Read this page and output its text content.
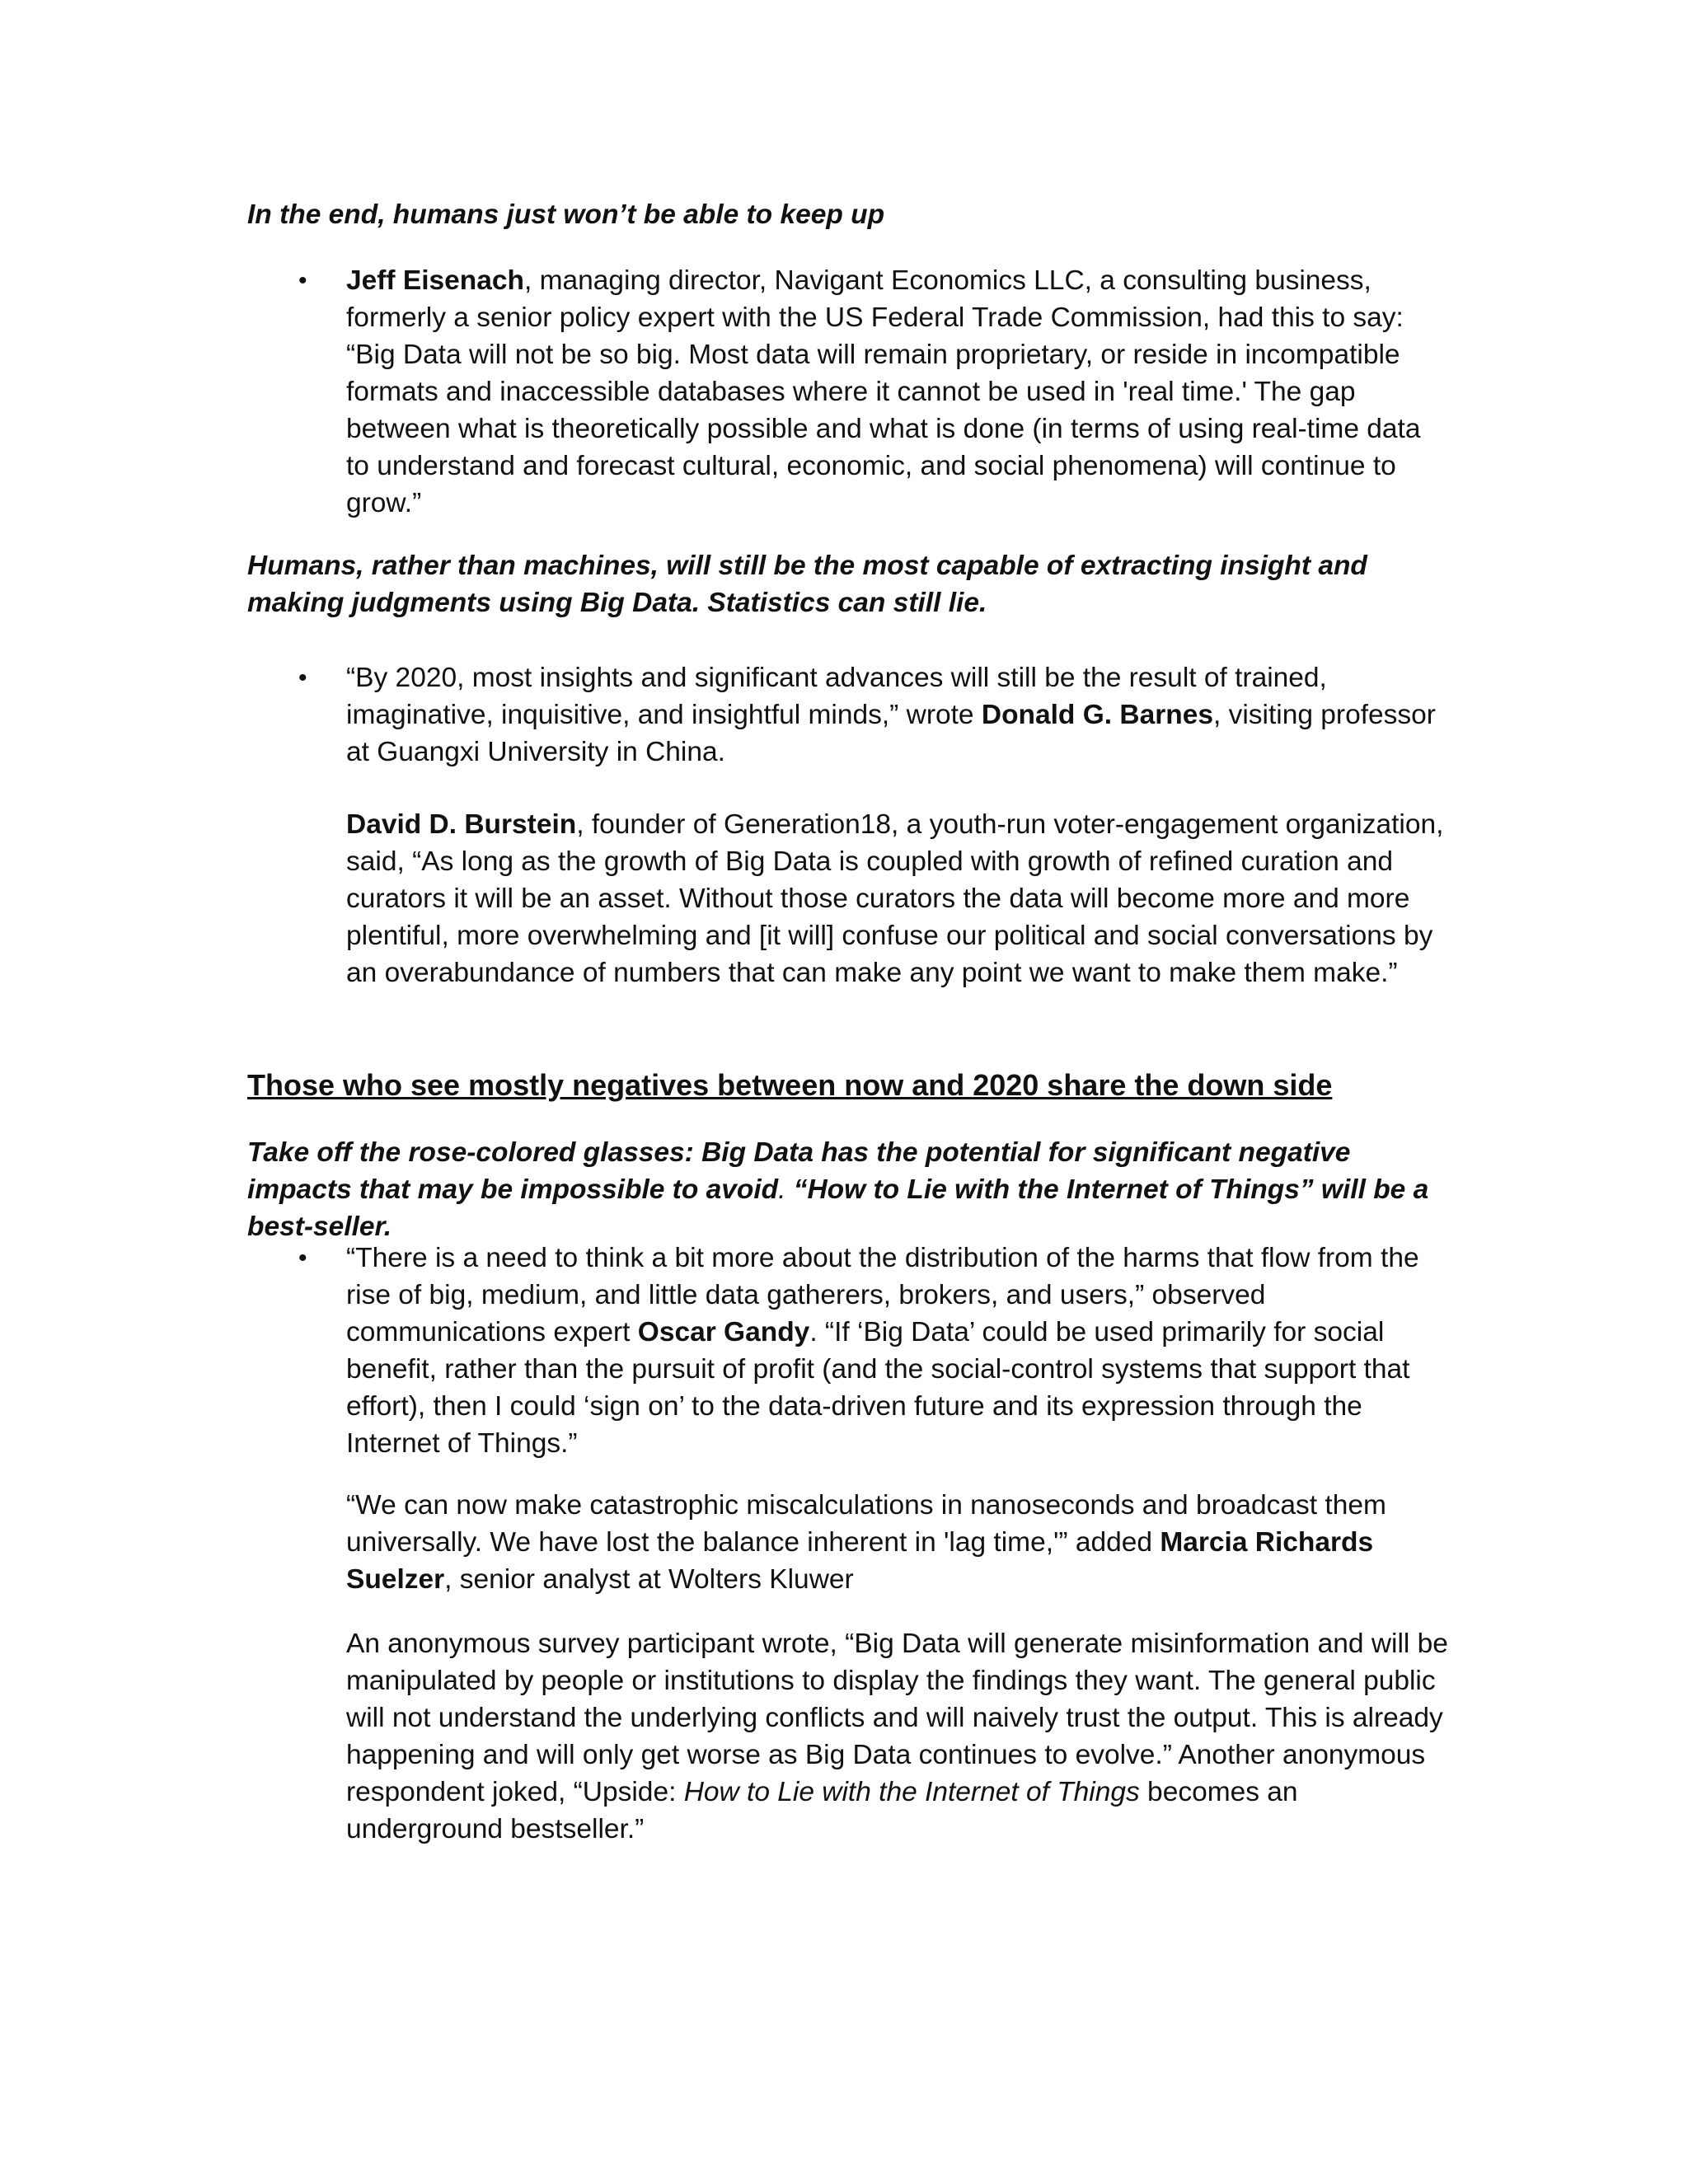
In the end, humans just won’t be able to keep up

• Jeff Eisenach, managing director, Navigant Economics LLC, a consulting business, formerly a senior policy expert with the US Federal Trade Commission, had this to say: “Big Data will not be so big. Most data will remain proprietary, or reside in incompatible formats and inaccessible databases where it cannot be used in 'real time.' The gap between what is theoretically possible and what is done (in terms of using real-time data to understand and forecast cultural, economic, and social phenomena) will continue to grow.”

Humans, rather than machines, will still be the most capable of extracting insight and making judgments using Big Data. Statistics can still lie.

• “By 2020, most insights and significant advances will still be the result of trained, imaginative, inquisitive, and insightful minds,” wrote Donald G. Barnes, visiting professor at Guangxi University in China.

David D. Burstein, founder of Generation18, a youth-run voter-engagement organization, said, “As long as the growth of Big Data is coupled with growth of refined curation and curators it will be an asset. Without those curators the data will become more and more plentiful, more overwhelming and [it will] confuse our political and social conversations by an overabundance of numbers that can make any point we want to make them make.”

Those who see mostly negatives between now and 2020 share the down side

Take off the rose-colored glasses: Big Data has the potential for significant negative impacts that may be impossible to avoid. “How to Lie with the Internet of Things” will be a best-seller.

• “There is a need to think a bit more about the distribution of the harms that flow from the rise of big, medium, and little data gatherers, brokers, and users,” observed communications expert Oscar Gandy. “If ‘Big Data’ could be used primarily for social benefit, rather than the pursuit of profit (and the social-control systems that support that effort), then I could ‘sign on’ to the data-driven future and its expression through the Internet of Things.”

“We can now make catastrophic miscalculations in nanoseconds and broadcast them universally. We have lost the balance inherent in 'lag time,'” added Marcia Richards Suelzer, senior analyst at Wolters Kluwer

An anonymous survey participant wrote, “Big Data will generate misinformation and will be manipulated by people or institutions to display the findings they want. The general public will not understand the underlying conflicts and will naively trust the output. This is already happening and will only get worse as Big Data continues to evolve.” Another anonymous respondent joked, “Upside: How to Lie with the Internet of Things becomes an underground bestseller.”
